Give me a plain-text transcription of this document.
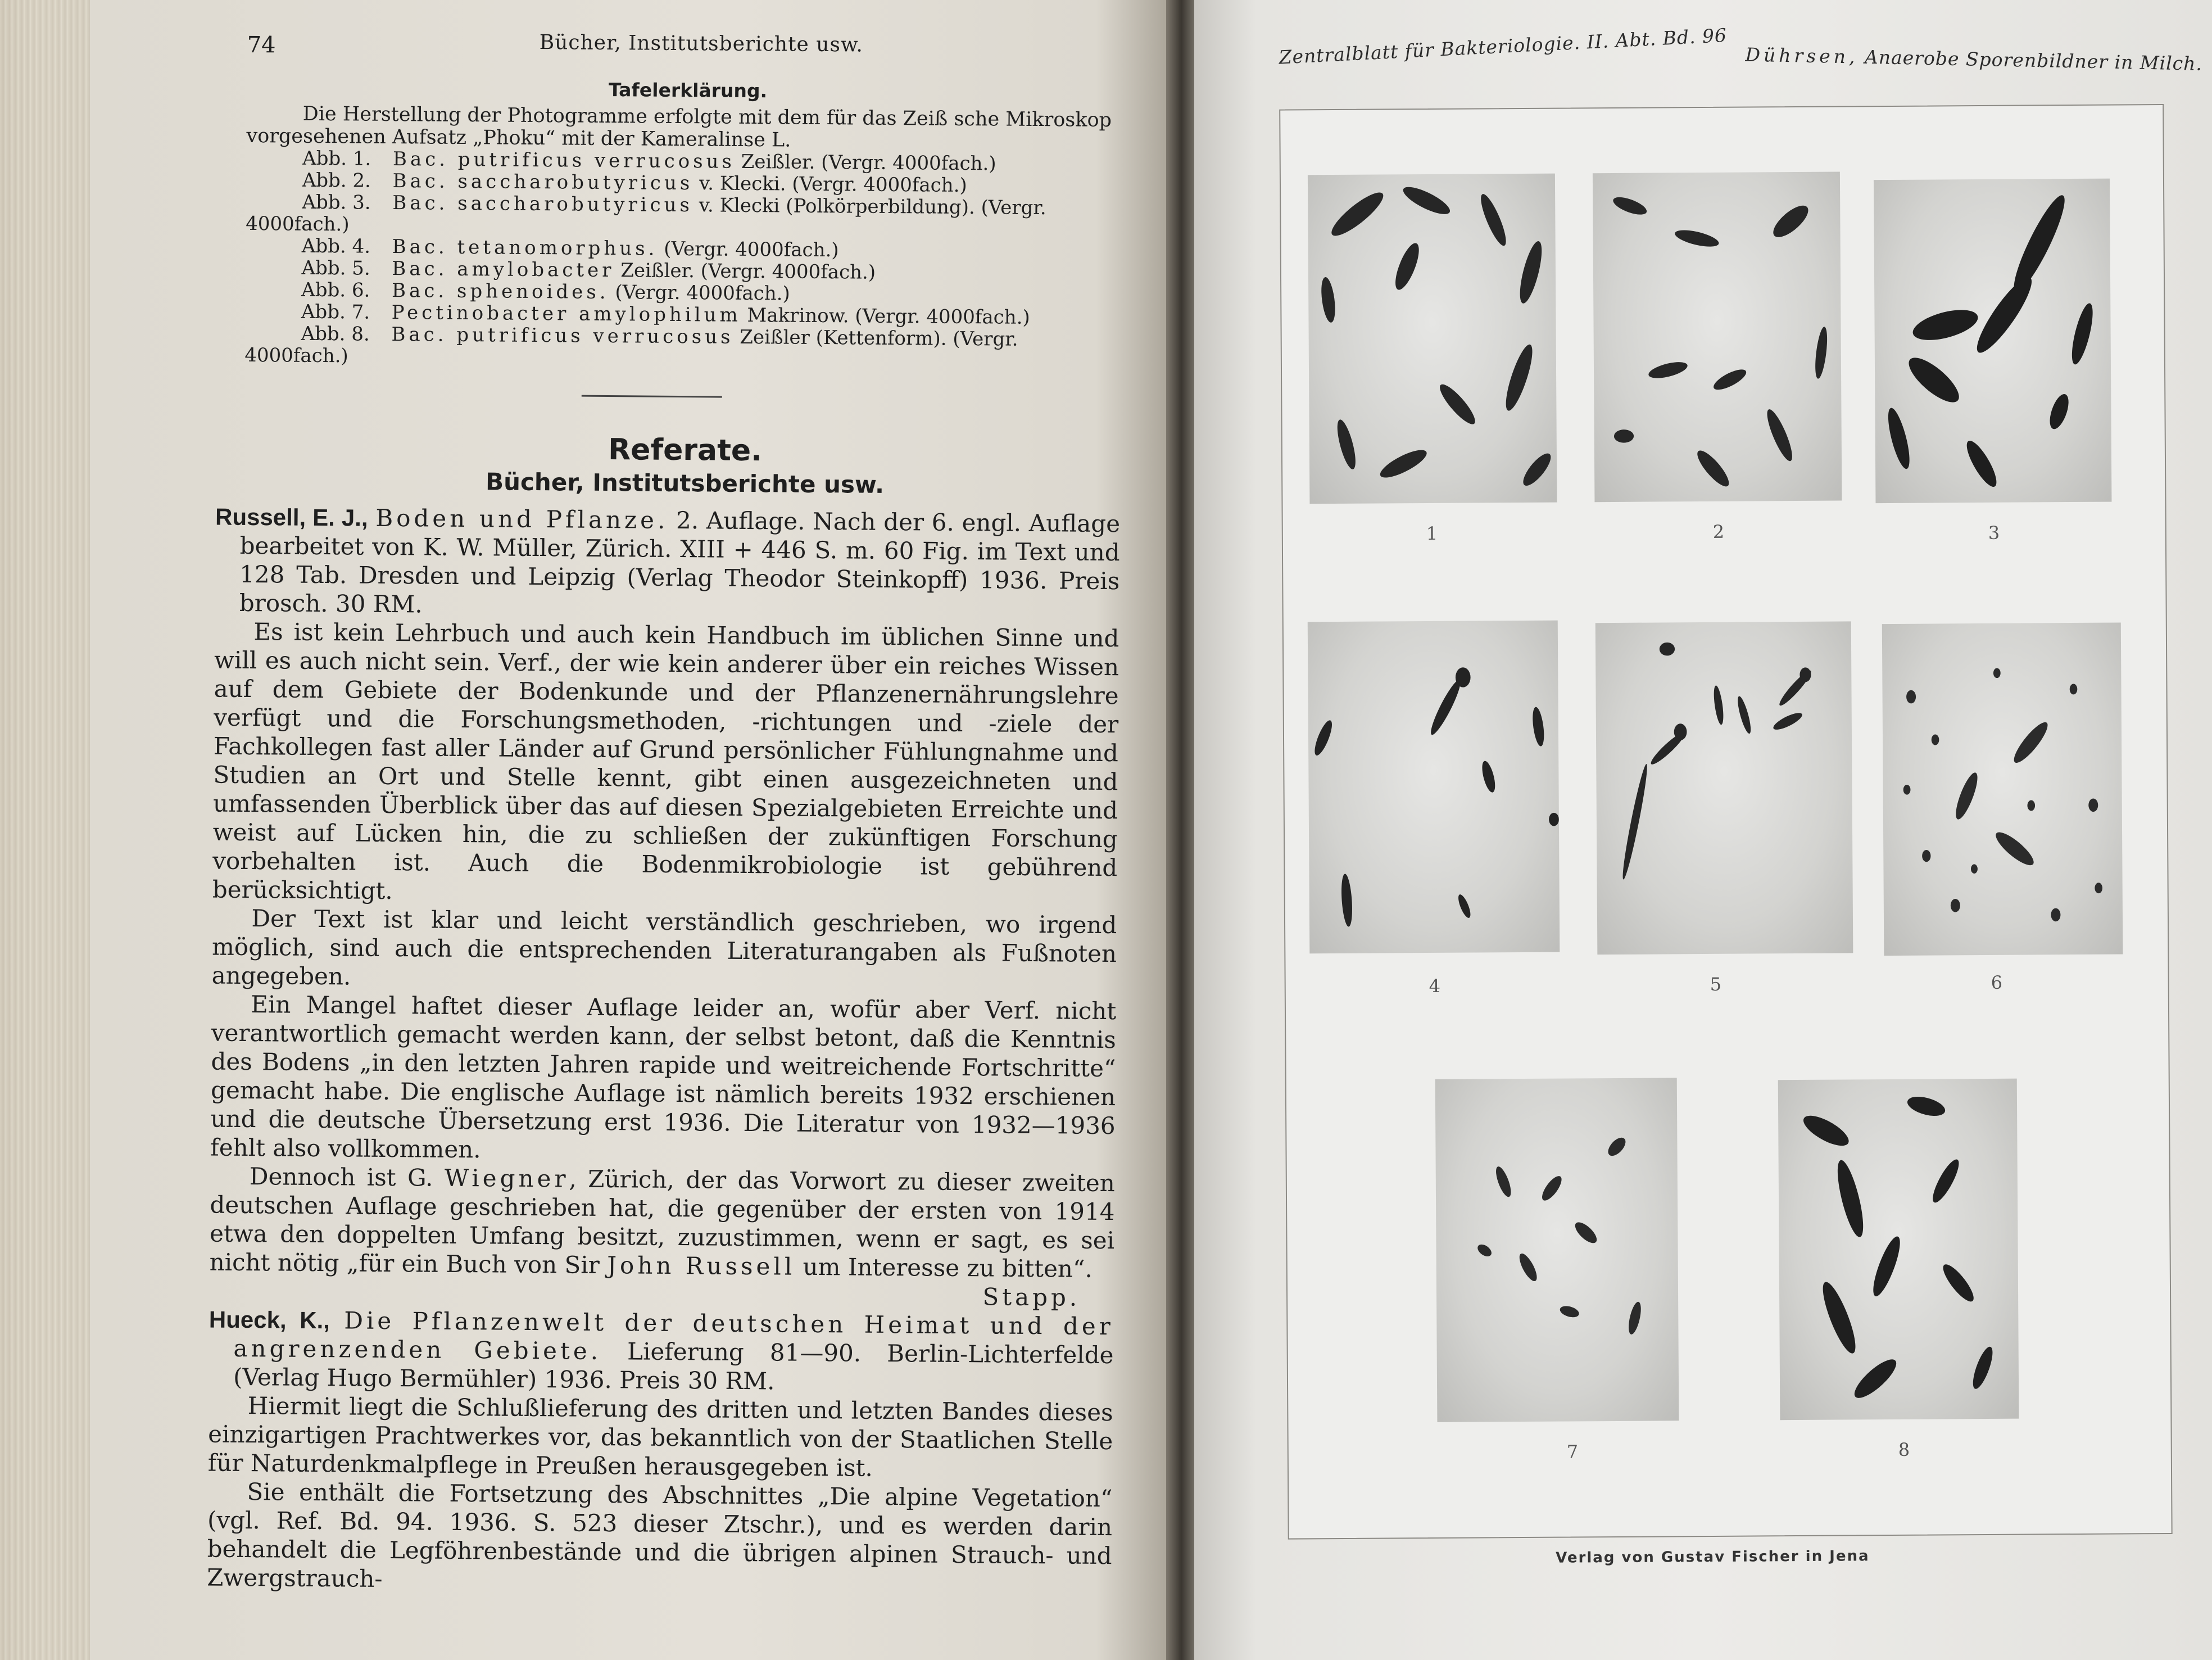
74	Bücher, Institutsberichte usw.
Tafelerklärung.

Die Herstellung der Photogramme erfolgte mit dem für das Zeiß sche Mikroskop vorgesehenen Aufsatz „Phoku“ mit der Kameralinse L.

Abb. 1. Bac. putrificus verrucosus Zeißler. (Vergr. 4000fach.)
Abb. 2. Bac. saccharobutyricus v. Klecki. (Vergr. 4000fach.)
Abb. 3. Bac. saccharobutyricus v. Klecki (Polkörperbildung). (Vergr. 4000fach.)
Abb. 4. Bac. tetanomorphus. (Vergr. 4000fach.)
Abb. 5. Bac. amylobacter Zeißler. (Vergr. 4000fach.)
Abb. 6. Bac. sphenoides. (Vergr. 4000fach.)
Abb. 7. Pectinobacter amylophilum Makrinow. (Vergr. 4000fach.)
Abb. 8. Bac. putrificus verrucosus Zeißler (Kettenform). (Vergr. 4000fach.)
Referate.
Bücher, Institutsberichte usw.

Russell, E. J., Boden und Pflanze. 2. Auflage. Nach der 6. engl. Auflage bearbeitet von K. W. Müller, Zürich. XIII + 446 S. m. 60 Fig. im Text und 128 Tab. Dresden und Leipzig (Verlag Theodor Steinkopff) 1936. Preis brosch. 30 RM.

Es ist kein Lehrbuch und auch kein Handbuch im üblichen Sinne und will es auch nicht sein. Verf., der wie kein anderer über ein reiches Wissen auf dem Gebiete der Bodenkunde und der Pflanzenernährungslehre verfügt und die Forschungsmethoden, -richtungen und -ziele der Fachkollegen fast aller Länder auf Grund persönlicher Fühlungnahme und Studien an Ort und Stelle kennt, gibt einen ausgezeichneten und umfassenden Überblick über das auf diesen Spezialgebieten Erreichte und weist auf Lücken hin, die zu schließen der zukünftigen Forschung vorbehalten ist. Auch die Bodenmikrobiologie ist gebührend berücksichtigt.

Der Text ist klar und leicht verständlich geschrieben, wo irgend möglich, sind auch die entsprechenden Literaturangaben als Fußnoten angegeben.

Ein Mangel haftet dieser Auflage leider an, wofür aber Verf. nicht verantwortlich gemacht werden kann, der selbst betont, daß die Kenntnis des Bodens „in den letzten Jahren rapide und weitreichende Fortschritte“ gemacht habe. Die englische Auflage ist nämlich bereits 1932 erschienen und die deutsche Übersetzung erst 1936. Die Literatur von 1932—1936 fehlt also vollkommen.

Dennoch ist G. Wiegner, Zürich, der das Vorwort zu dieser zweiten deutschen Auflage geschrieben hat, die gegenüber der ersten von 1914 etwa den doppelten Umfang besitzt, zuzustimmen, wenn er sagt, es sei nicht nötig „für ein Buch von Sir John Russell um Interesse zu bitten“.

Stapp.

Hueck, K., Die Pflanzenwelt der deutschen Heimat und der angrenzenden Gebiete. Lieferung 81—90. Berlin-Lichterfelde (Verlag Hugo Bermühler) 1936. Preis 30 RM.

Hiermit liegt die Schlußlieferung des dritten und letzten Bandes dieses einzigartigen Prachtwerkes vor, das bekanntlich von der Staatlichen Stelle für Naturdenkmalpflege in Preußen herausgegeben ist.

Sie enthält die Fortsetzung des Abschnittes „Die alpine Vegetation“ (vgl. Ref. Bd. 94. 1936. S. 523 dieser Ztschr.), und es werden darin behandelt die Legföhrenbestände und die übrigen alpinen Strauch- und Zwergstrauch-

Zentralblatt für Bakteriologie. II. Abt. Bd. 96 Dührsen, Anaerobe Sporenbildner in Milch.
1	2	3
4	5	6
7	8
Verlag von Gustav Fischer in Jena
